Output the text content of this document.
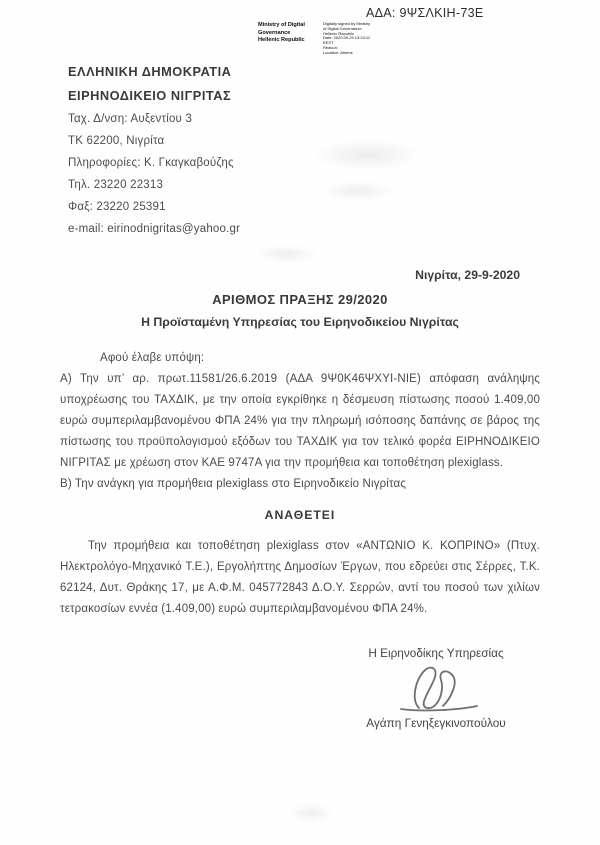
ΑΔΑ: 9ΨΣΛΚΙΗ-73Ε
Ministry of Digital
Governance
Hellenic Republic
Digitally signed by Ministry
of Digital Governance,
Hellenic Republic
Date: 2020.09.29 13:24:11
EEST
Reason:
Location: Athens
ΕΛΛΗΝΙΚΗ ΔΗΜΟΚΡΑΤΙΑ
ΕΙΡΗΝΟΔΙΚΕΙΟ ΝΙΓΡΙΤΑΣ
Ταχ. Δ/νση: Αυξεντίου 3
ΤΚ 62200, Νιγρίτα
Πληροφορίες: Κ. Γκαγκαβούζης
Τηλ. 23220 22313
Φαξ: 23220 25391
e-mail: eirinodnigritas@yahoo.gr
Νιγρίτα, 29-9-2020
ΑΡΙΘΜΟΣ ΠΡΑΞΗΣ 29/2020
Η Προϊσταμένη Υπηρεσίας του Ειρηνοδικείου Νιγρίτας

Αφού έλαβε υπόψη:

Α) Την υπ’ αρ. πρωτ.11581/26.6.2019 (ΑΔΑ 9Ψ0Κ46ΨΧΥΙ-ΝΙΕ) απόφαση ανάληψης υποχρέωσης του ΤΑΧΔΙΚ, με την οποία εγκρίθηκε η δέσμευση πίστωσης ποσού 1.409,00 ευρώ συμπεριλαμβανομένου ΦΠΑ 24% για την πληρωμή ισόποσης δαπάνης σε βάρος της πίστωσης του προϋπολογισμού εξόδων του ΤΑΧΔΙΚ για τον τελικό φορέα ΕΙΡΗΝΟΔΙΚΕΙΟ ΝΙΓΡΙΤΑΣ με χρέωση στον ΚΑΕ 9747Α για την προμήθεια και τοποθέτηση plexiglass.

Β) Την ανάγκη για προμήθεια plexiglass στο Ειρηνοδικείο Νιγρίτας

ΑΝΑΘΕΤΕΙ

Την προμήθεια και τοποθέτηση plexiglass στον «ΑΝΤΩΝΙΟ Κ. ΚΟΠΡΙΝΟ» (Πτυχ. Ηλεκτρολόγο-Μηχανικό Τ.Ε.), Εργολήπτης Δημοσίων Έργων, που εδρεύει στις Σέρρες, Τ.Κ. 62124, Δυτ. Θράκης 17, με Α.Φ.Μ. 045772843 Δ.Ο.Υ. Σερρών, αντί του ποσού των χιλίων τετρακοσίων εννέα (1.409,00) ευρώ συμπεριλαμβανομένου ΦΠΑ 24%.

Η Ειρηνοδίκης Υπηρεσίας
Αγάπη Γενηξεγκινοπούλου
